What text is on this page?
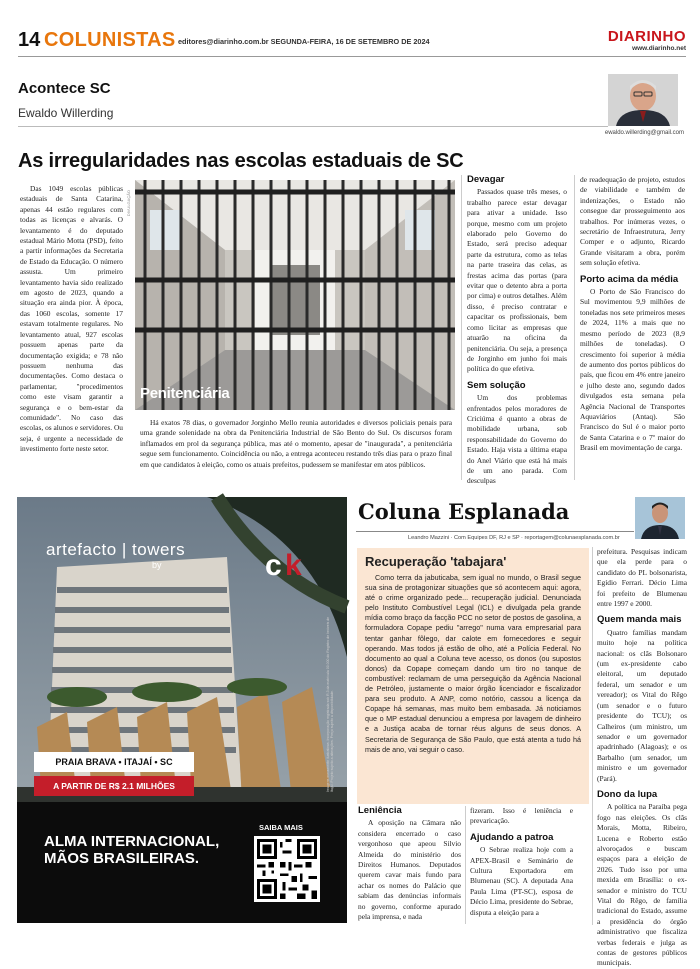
14 COLUNISTAS editores@diarinho.com.br SEGUNDA-FEIRA, 16 DE SETEMBRO DE 2024	DIARINHO
www.diarinho.net
Acontece SC
Ewaldo Willerding
ewaldo.willerding@gmail.com
As irregularidades nas escolas estaduais de SC

Das 1049 escolas públicas estaduais de Santa Catarina, apenas 44 estão regulares com todas as licenças e alvarás. O levantamento é do deputado estadual Mário Motta (PSD), feito a partir informações da Secretaria de Estado da Educação. O número assusta. Um primeiro levantamento havia sido realizado em agosto de 2023, quando a situação era ainda pior. À época, das 1060 escolas, somente 17 estavam totalmente regulares. No levantamento atual, 927 escolas possuem apenas parte da documentação exigida; e 78 não possuem nenhuma das documentações. Como destaca o parlamentar, "procedimentos como este visam garantir a segurança e o bem-estar da comunidade". No caso das escolas, os alunos e servidores. Ou seja, é urgente a necessidade de investimento forte neste setor.

Penitenciária
DIVULGAÇÃO

Há exatos 78 dias, o governador Jorginho Mello reunia autoridades e diversos policiais penais para uma grande solenidade na obra da Penitenciária Industrial de São Bento do Sul. Os discursos foram inflamados em prol da segurança pública, mas até o momento, apesar de "inaugurada", a penitenciária segue sem funcionamento. Coincidência ou não, a entrega aconteceu restando três dias para o prazo final em que candidatos à eleição, como os atuais prefeitos, pudessem se manifestar em atos públicos.

Devagar

Passados quase três meses, o trabalho parece estar devagar para ativar a unidade. Isso porque, mesmo com um projeto elaborado pelo Governo do Estado, será preciso adequar parte da estrutura, como as telas na parte traseira das celas, as frestas acima das portas (para evitar que o detento abra a porta por cima) e outros detalhes. Além disso, é preciso contratar e capacitar os profissionais, bem como licitar as empresas que atuarão na oficina da penitenciária. Ou seja, a presença de Jorginho em junho foi mais política do que efetiva.

Sem solução

Um dos problemas enfrentados pelos moradores de Criciúma é quanto a obras de mobilidade urbana, sob responsabilidade do Governo do Estado. Haja vista a última etapa do Anel Viário que está há mais de um ano parada. Com desculpas

de readequação de projeto, estudos de viabilidade e também de indenizações, o Estado não consegue dar prosseguimento aos trabalhos. Por inúmeras vezes, o secretário de Infraestrutura, Jerry Comper e o adjunto, Ricardo Grande visitaram a obra, porém sem solução efetiva.

Porto acima da média

O Porto de São Francisco do Sul movimentou 9,9 milhões de toneladas nos sete primeiros meses de 2024, 11% a mais que no mesmo período de 2023 (8,9 milhões de toneladas). O crescimento foi superior à média de aumento dos portos públicos do país, que ficou em 4% entre janeiro e julho deste ano, segundo dados divulgados esta semana pela Agência Nacional de Transportes Aquaviários (Antaq). São Francisco do Sul é o maior porto de Santa Catarina e o 7º maior do Brasil em movimentação de carga.

c k
artefacto | towers
by
Imagens meramente ilustrativas. Incorporação registrada sob R.3 da matrícula 00.000 do Registro de Imóveis de Itajaí. Projeto sujeito a alterações. Preço sujeito a disponibilidade.
PRAIA BRAVA • ITAJAÍ • SC
A PARTIR DE R$ 2.1 MILHÕES
ALMA INTERNACIONAL, MÃOS BRASILEIRAS.
SAIBA MAIS
Coluna Esplanada
Leandro Mazzini · Com Equipes DF, RJ e SP · reportagem@colunaesplanada.com.br
Recuperação 'tabajara'

Como terra da jabuticaba, sem igual no mundo, o Brasil segue sua sina de protagonizar situações que só acontecem aqui: agora, até o crime organizado pede... recuperação judicial. Denunciada pelo Instituto Combustível Legal (ICL) e divulgada pela grande mídia como braço da facção PCC no setor de postos de gasolina, a formuladora Copape pediu "arrego" numa vara empresarial para tentar ganhar fôlego, dar calote em fornecedores e seguir operando. Mas todos já estão de olho, até a Polícia Federal. No documento ao qual a Coluna teve acesso, os donos (ou supostos donos) da Copape começam dando um tiro no tanque de combustível: reclamam de uma perseguição da Agência Nacional de Petróleo, justamente o maior órgão licenciador e fiscalizador para seu produto. A ANP, como notório, cassou a licença da Copape há semanas, mas muito bem embasada. Já noticiamos que o MP estadual denunciou a empresa por lavagem de dinheiro e a Justiça acaba de tornar réus alguns de seus donos. A Secretaria de Segurança de São Paulo, que está atenta a tudo há mais de ano, vai seguir o caso.

Leniência

A oposição na Câmara não considera encerrado o caso vergonhoso que apeou Silvio Almeida do ministério dos Direitos Humanos. Deputados querem cavar mais fundo para achar os nomes do Palácio que sabiam das denúncias informais no governo, conforme apurado pela imprensa, e nada

fizeram. Isso é leniência e prevaricação.

Ajudando a patroa

O Sebrae realiza hoje com a APEX-Brasil e Seminário de Cultura Exportadora em Blumenau (SC). A deputada Ana Paula Lima (PT-SC), esposa de Décio Lima, presidente do Sebrae, disputa a eleição para a

prefeitura. Pesquisas indicam que ela perde para o candidato do PL bolsonarista, Egídio Ferrari. Décio Lima foi prefeito de Blumenau entre 1997 e 2000.

Quem manda mais

Quatro famílias mandam muito hoje na política nacional: os clãs Bolsonaro (um ex-presidente cabo eleitoral, um deputado federal, um senador e um vereador); os Vital do Rêgo (um senador e o futuro presidente do TCU); os Calheiros (um ministro, um senador e um governador apadrinhado (Alagoas); e os Barbalho (um senador, um ministro e um governador (Pará).

Dono da lupa

A política na Paraíba pega fogo nas eleições. Os clãs Morais, Motta, Ribeiro, Lucena e Roberto estão alvoroçados e buscam espaços para a eleição de 2026. Tudo isso por uma mexida em Brasília: o ex-senador e ministro do TCU Vital do Rêgo, de família tradicional do Estado, assume a presidência do órgão administrativo que fiscaliza verbas federais e julga as contas de gestores públicos municipais.
